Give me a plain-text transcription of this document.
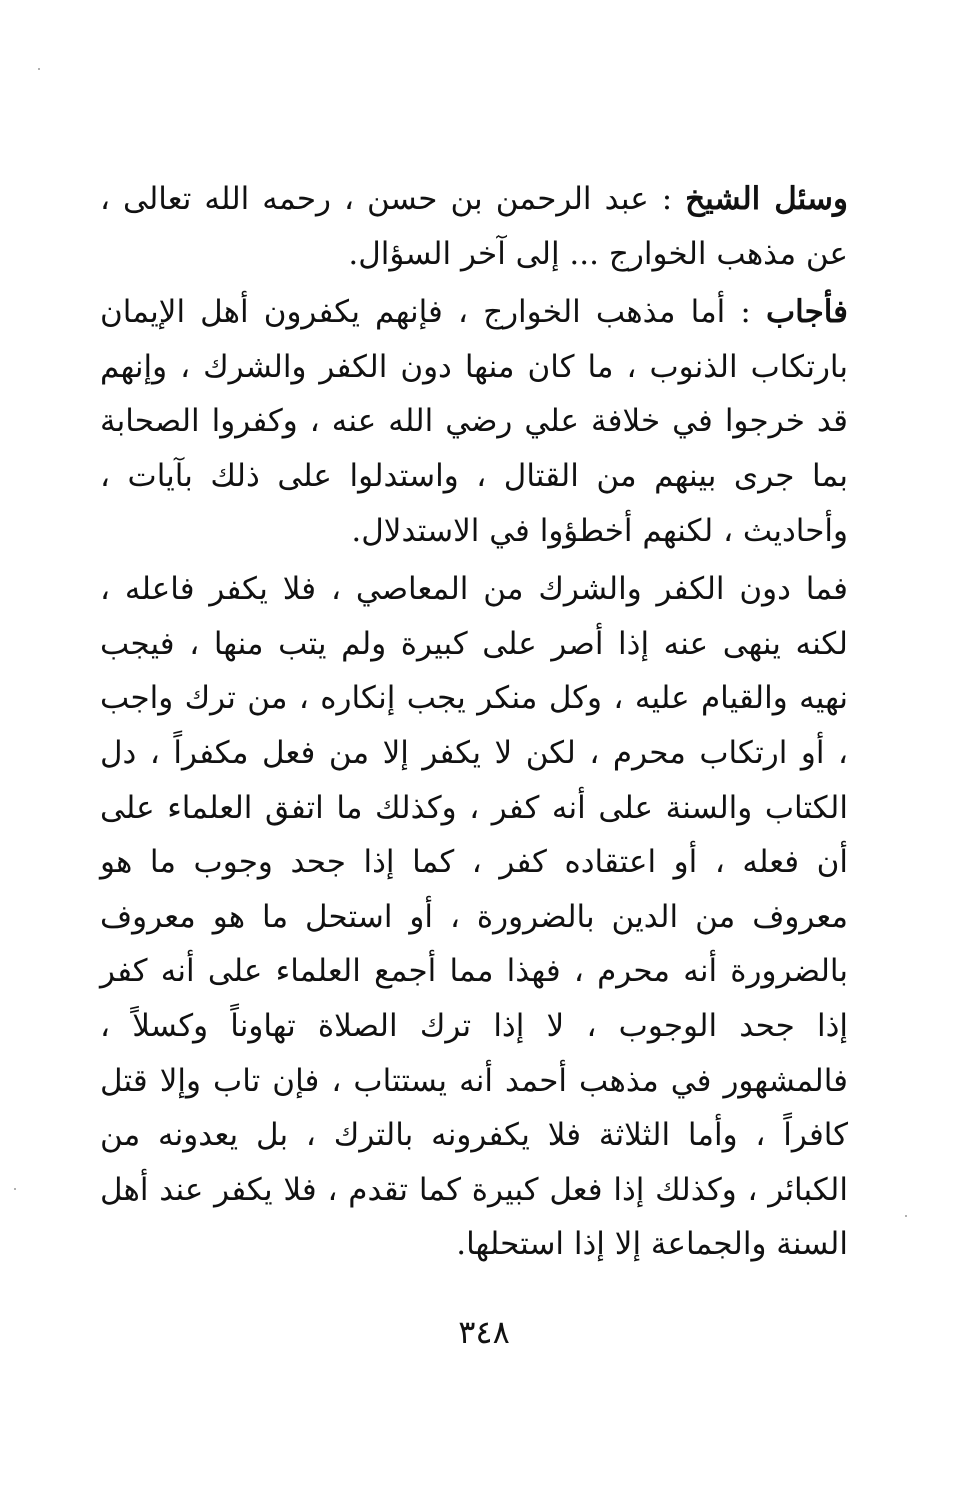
وسئل الشيخ : عبد الرحمن بن حسن ، رحمه الله تعالى ، عن مذهب الخوارج ... إلى آخر السؤال.

فأجاب : أما مذهب الخوارج ، فإنهم يكفرون أهل الإيمان بارتكاب الذنوب ، ما كان منها دون الكفر والشرك ، وإنهم قد خرجوا في خلافة علي رضي الله عنه ، وكفروا الصحابة بما جرى بينهم من القتال ، واستدلوا على ذلك بآيات ، وأحاديث ، لكنهم أخطؤوا في الاستدلال.

فما دون الكفر والشرك من المعاصي ، فلا يكفر فاعله ، لكنه ينهى عنه إذا أصر على كبيرة ولم يتب منها ، فيجب نهيه والقيام عليه ، وكل منكر يجب إنكاره ، من ترك واجب ، أو ارتكاب محرم ، لكن لا يكفر إلا من فعل مكفراً ، دل الكتاب والسنة على أنه كفر ، وكذلك ما اتفق العلماء على أن فعله ، أو اعتقاده كفر ، كما إذا جحد وجوب ما هو معروف من الدين بالضرورة ، أو استحل ما هو معروف بالضرورة أنه محرم ، فهذا مما أجمع العلماء على أنه كفر إذا جحد الوجوب ، لا إذا ترك الصلاة تهاوناً وكسلاً ، فالمشهور في مذهب أحمد أنه يستتاب ، فإن تاب وإلا قتل كافراً ، وأما الثلاثة فلا يكفرونه بالترك ، بل يعدونه من الكبائر ، وكذلك إذا فعل كبيرة كما تقدم ، فلا يكفر عند أهل السنة والجماعة إلا إذا استحلها.

٣٤٨
